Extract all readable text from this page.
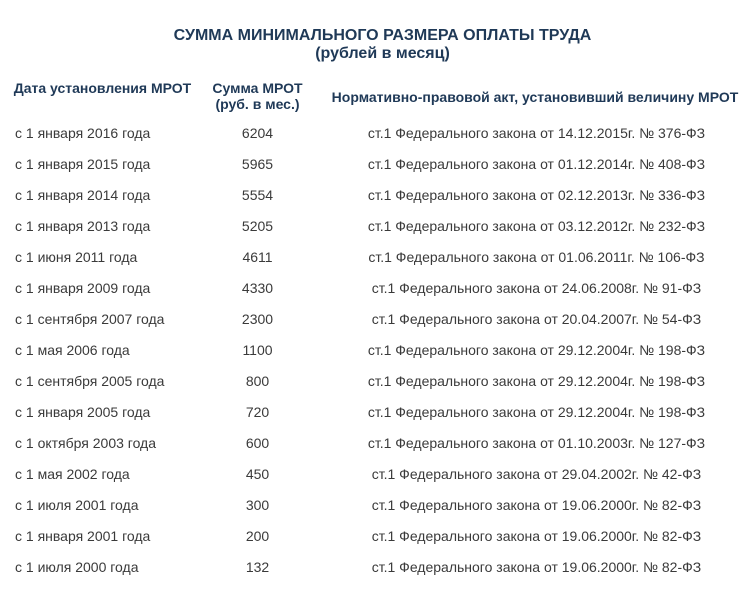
СУММА МИНИМАЛЬНОГО РАЗМЕРА ОПЛАТЫ ТРУДА
(рублей в месяц)
Дата установления МРОТ	Сумма МРОТ (руб. в мес.)	Нормативно-правовой акт, установивший величину МРОТ
с 1 января 2016 года	6204	ст.1 Федерального закона от 14.12.2015г. № 376-ФЗ
с 1 января 2015 года	5965	ст.1 Федерального закона от 01.12.2014г. № 408-ФЗ
с 1 января 2014 года	5554	ст.1 Федерального закона от 02.12.2013г. № 336-ФЗ
с 1 января 2013 года	5205	ст.1 Федерального закона от 03.12.2012г. № 232-ФЗ
с 1 июня 2011 года	4611	ст.1 Федерального закона от 01.06.2011г. № 106-ФЗ
с 1 января 2009 года	4330	ст.1 Федерального закона от 24.06.2008г. № 91-ФЗ
с 1 сентября 2007 года	2300	ст.1 Федерального закона от 20.04.2007г. № 54-ФЗ
с 1 мая 2006 года	1100	ст.1 Федерального закона от 29.12.2004г. № 198-ФЗ
с 1 сентября 2005 года	800	ст.1 Федерального закона от 29.12.2004г. № 198-ФЗ
с 1 января 2005 года	720	ст.1 Федерального закона от 29.12.2004г. № 198-ФЗ
с 1 октября 2003 года	600	ст.1 Федерального закона от 01.10.2003г. № 127-ФЗ
с 1 мая 2002 года	450	ст.1 Федерального закона от 29.04.2002г. № 42-ФЗ
с 1 июля 2001 года	300	ст.1 Федерального закона от 19.06.2000г. № 82-ФЗ
с 1 января 2001 года	200	ст.1 Федерального закона от 19.06.2000г. № 82-ФЗ
с 1 июля 2000 года	132	ст.1 Федерального закона от 19.06.2000г. № 82-ФЗ
